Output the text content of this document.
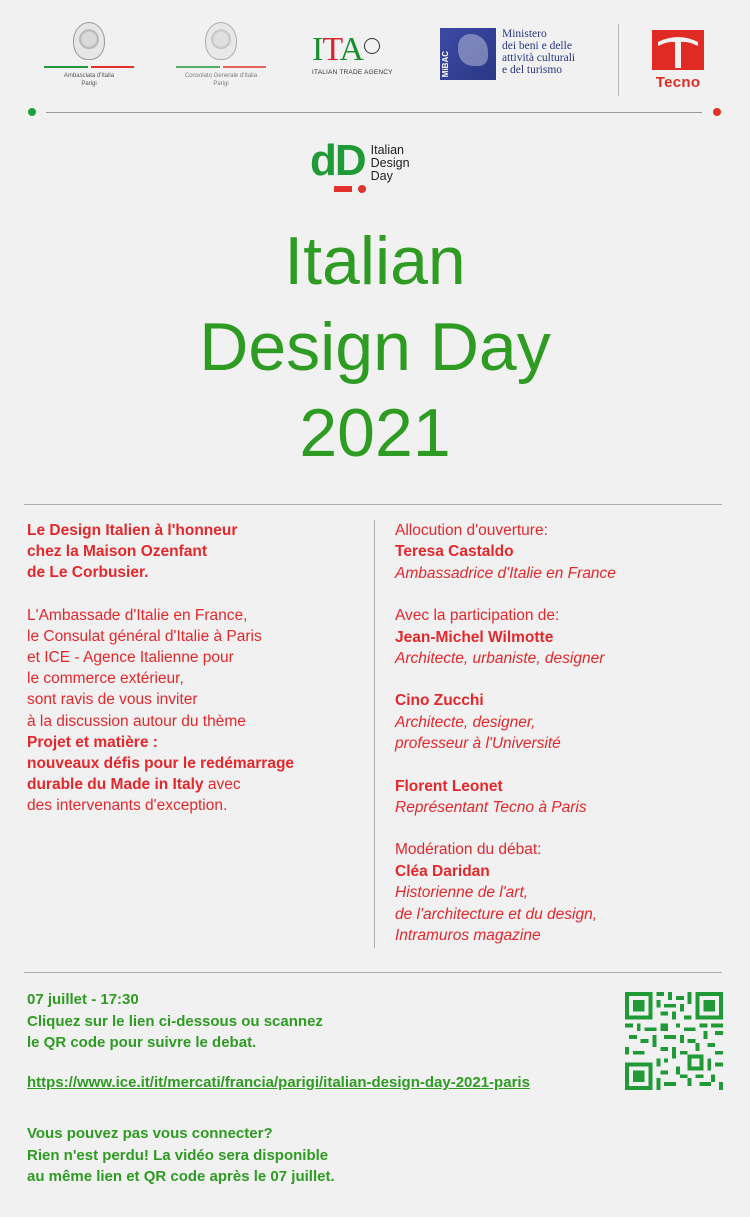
Ambasciata d'Italia
Parigi
Consolato Generale d'Italia
Parigi
ITA
ITALIAN TRADE AGENCY	MiBAC
Ministero
dei beni e delle
attività culturali
e del turismo
Tecno
dD Italian
Design
Day
Italian
Design Day
2021

Le Design Italien à l'honneur

chez la Maison Ozenfant

de Le Corbusier.

L'Ambassade d'Italie en France,

le Consulat général d'Italie à Paris

et ICE - Agence Italienne pour

le commerce extérieur,

sont ravis de vous inviter

à la discussion autour du thème

Projet et matière :

nouveaux défis pour le redémarrage

durable du Made in Italy avec

des intervenants d'exception.

Allocution d'ouverture:
Teresa Castaldo
Ambassadrice d'Italie en France
Avec la participation de:
Jean-Michel Wilmotte
Architecte, urbaniste, designer
Cino Zucchi
Architecte, designer,
professeur à l'Université
Florent Leonet
Représentant Tecno à Paris
Modération du débat:
Cléa Daridan
Historienne de l'art,
de l'architecture et du design,
Intramuros magazine
07 juillet - 17:30
Cliquez sur le lien ci-dessous ou scannez
le QR code pour suivre le debat.
https://www.ice.it/it/mercati/francia/parigi/italian-design-day-2021-paris
Vous pouvez pas vous connecter?
Rien n'est perdu! La vidéo sera disponible
au même lien et QR code après le 07 juillet.
